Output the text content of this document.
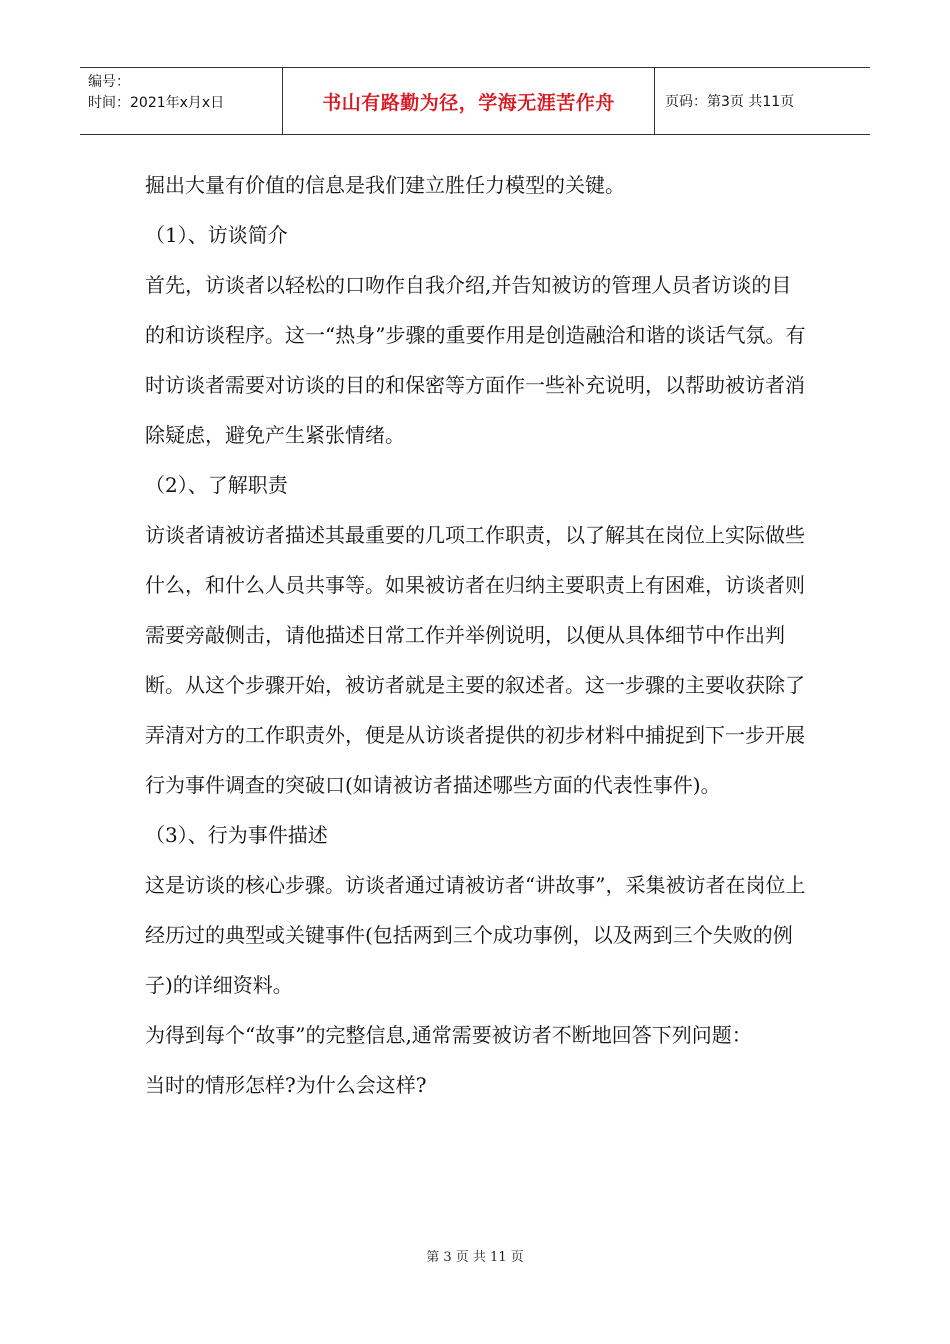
编号：
时间：2021年x月x日	书山有路勤为径，学海无涯苦作舟	页码：第3页 共11页

掘出大量有价值的信息是我们建立胜任力模型的关键。

（1）、访谈简介

首先，访谈者以轻松的口吻作自我介绍,并告知被访的管理人员者访谈的目的和访谈程序。这一“热身”步骤的重要作用是创造融洽和谐的谈话气氛。有时访谈者需要对访谈的目的和保密等方面作一些补充说明，以帮助被访者消除疑虑，避免产生紧张情绪。

（2）、了解职责

访谈者请被访者描述其最重要的几项工作职责，以了解其在岗位上实际做些什么，和什么人员共事等。如果被访者在归纳主要职责上有困难，访谈者则需要旁敲侧击，请他描述日常工作并举例说明，以便从具体细节中作出判断。从这个步骤开始，被访者就是主要的叙述者。这一步骤的主要收获除了弄清对方的工作职责外，便是从访谈者提供的初步材料中捕捉到下一步开展行为事件调查的突破口(如请被访者描述哪些方面的代表性事件)。

（3）、行为事件描述

这是访谈的核心步骤。访谈者通过请被访者“讲故事”，采集被访者在岗位上经历过的典型或关键事件(包括两到三个成功事例，以及两到三个失败的例子)的详细资料。

为得到每个“故事”的完整信息,通常需要被访者不断地回答下列问题：

当时的情形怎样?为什么会这样?

第 3 页 共 11 页
